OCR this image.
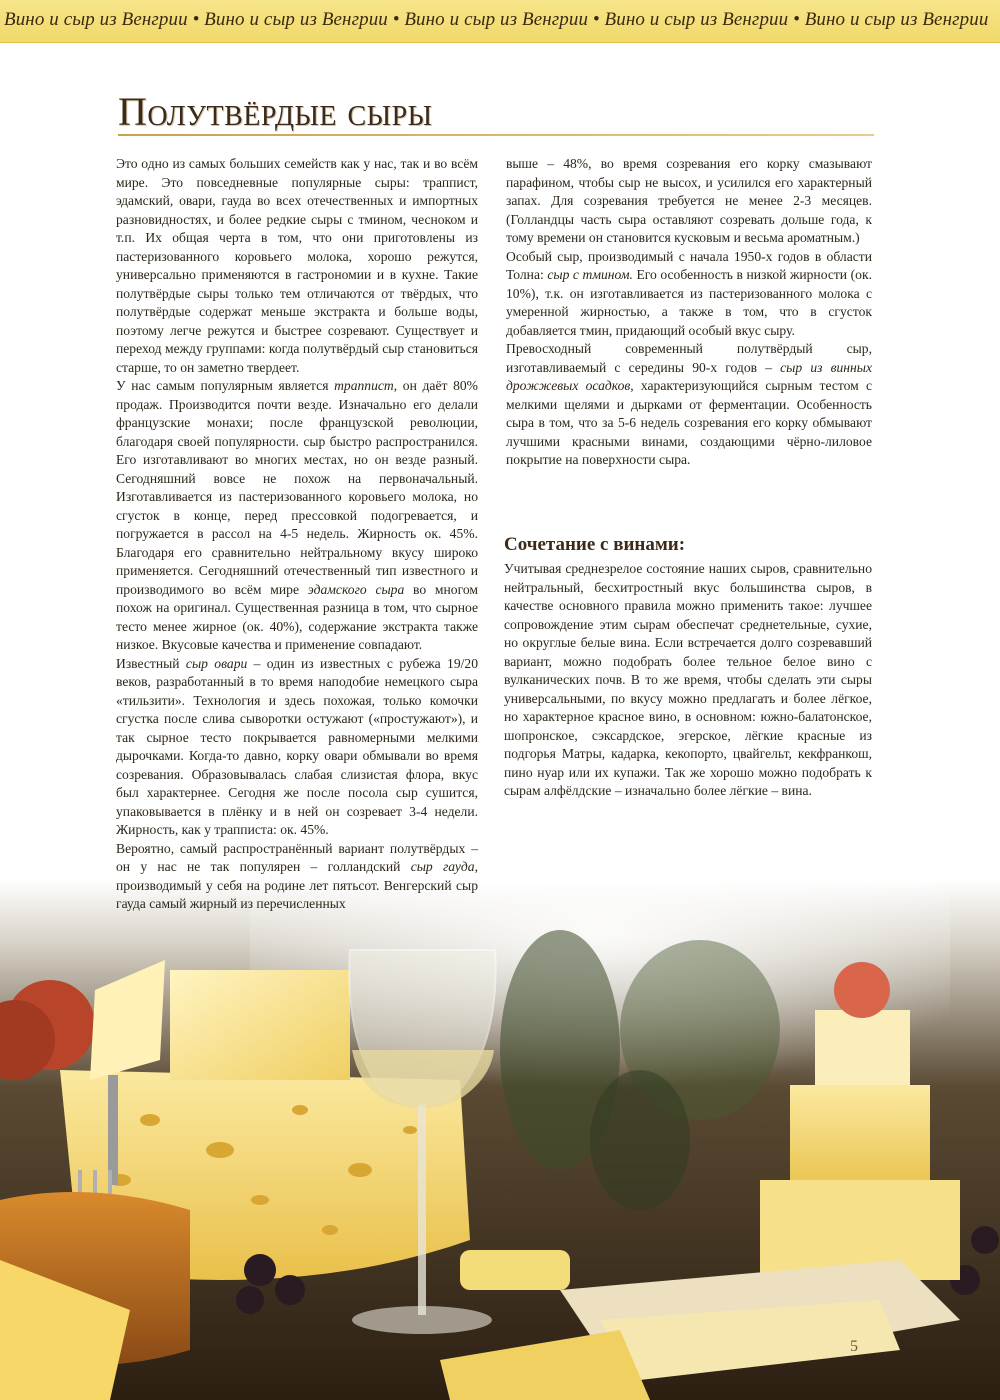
Вино и сыр из Венгрии • Вино и сыр из Венгрии • Вино и сыр из Венгрии • Вино и сыр из Венгрии • Вино и сыр из Венгрии
Полутвёрдые сыры

Это одно из самых больших семейств как у нас, так и во всём мире. Это повседневные популярные сыры: траппист, эдамский, овари, гауда во всех отечественных и импортных разновидностях, и более редкие сыры с тмином, чесноком и т.п. Их общая черта в том, что они приготовлены из пастеризованного коровьего молока, хорошо режутся, универсально применяются в гастрономии и в кухне. Такие полутвёрдые сыры только тем отличаются от твёрдых, что полутвёрдые содержат меньше экстракта и больше воды, поэтому легче режутся и быстрее созревают. Существует и переход между группами: когда полутвёрдый сыр становиться старше, то он заметно твердеет.

У нас самым популярным является траппист, он даёт 80% продаж. Производится почти везде. Изначально его делали французские монахи; после французской революции, благодаря своей популярности. сыр быстро распространился. Его изготавливают во многих местах, но он везде разный. Сегодняшний вовсе не похож на первоначальный. Изготавливается из пастеризованного коровьего молока, но сгусток в конце, перед прессовкой подогревается, и погружается в рассол на 4-5 недель. Жирность ок. 45%. Благодаря его сравнительно нейтральному вкусу широко применяется. Сегодняшний отечественный тип известного и производимого во всём мире эдамского сыра во многом похож на оригинал. Существенная разница в том, что сырное тесто менее жирное (ок. 40%), содержание экстракта также низкое. Вкусовые качества и применение совпадают.

Известный сыр овари – один из известных с рубежа 19/20 веков, разработанный в то время наподобие немецкого сыра «тильзити». Технология и здесь похожая, только комочки сгустка после слива сыворотки остужают («простужают»), и так сырное тесто покрывается равномерными мелкими дырочками. Когда-то давно, корку овари обмывали во время созревания. Образовывалась слабая слизистая флора, вкус был характернее. Сегодня же после посола сыр сушится, упаковывается в плёнку и в ней он созревает 3-4 недели. Жирность, как у трапписта: ок. 45%.

Вероятно, самый распространённый вариант полутвёрдых – он у нас не так популярен – голландский сыр гауда, производимый у себя на родине лет пятьсот. Венгерский сыр гауда самый жирный из перечисленных

выше – 48%, во время созревания его корку смазывают парафином, чтобы сыр не высох, и усилился его характерный запах. Для созревания требуется не менее 2-3 месяцев. (Голландцы часть сыра оставляют созревать дольше года, к тому времени он становится кусковым и весьма ароматным.)

Особый сыр, производимый с начала 1950-х годов в области Толна: сыр с тмином. Его особенность в низкой жирности (ок. 10%), т.к. он изготавливается из пастеризованного молока с умеренной жирностью, а также в том, что в сгусток добавляется тмин, придающий особый вкус сыру.

Превосходный современный полутвёрдый сыр, изготавливаемый с середины 90-х годов – сыр из винных дрожжевых осадков, характеризующийся сырным тестом с мелкими щелями и дырками от ферментации. Особенность сыра в том, что за 5-6 недель созревания его корку обмывают лучшими красными винами, создающими чёрно-лиловое покрытие на поверхности сыра.

Сочетание с винами:

Учитывая среднезрелое состояние наших сыров, сравнительно нейтральный, бесхитростный вкус большинства сыров, в качестве основного правила можно применить такое: лучшее сопровождение этим сырам обеспечат среднетельные, сухие, но округлые белые вина. Если встречается долго созревавший вариант, можно подобрать более тельное белое вино с вулканических почв. В то же время, чтобы сделать эти сыры универсальными, по вкусу можно предлагать и более лёгкое, но характерное красное вино, в основном: южно-балатонское, шопронское, сэксардское, эгерское, лёгкие красные из подгорья Матры, кадарка, кекопорто, цвайгельт, кекфранкош, пино нуар или их купажи. Так же хорошо можно подобрать к сырам алфёлдские – изначально более лёгкие – вина.

5
